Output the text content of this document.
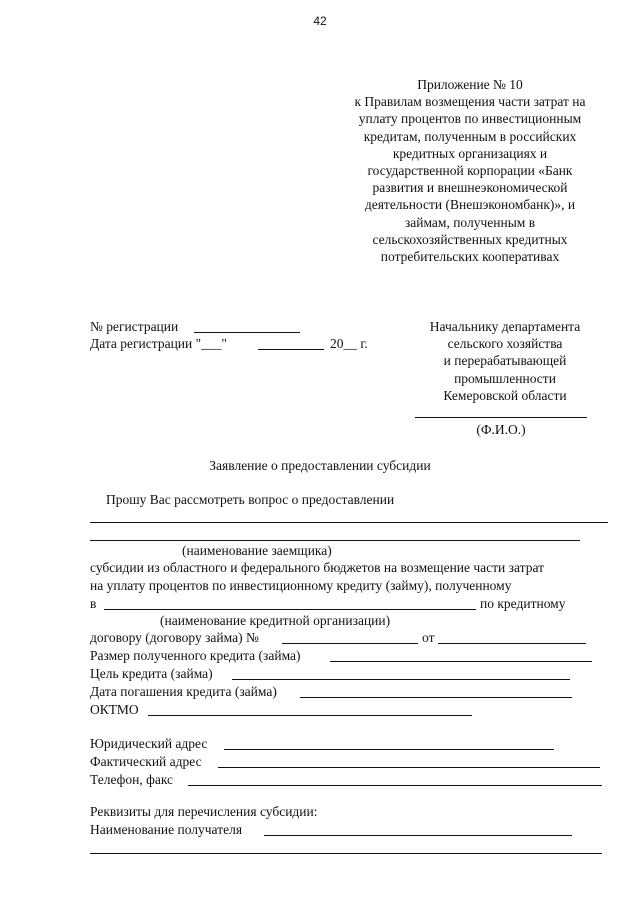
42
Приложение № 10
к Правилам возмещения части затрат на
уплату процентов по инвестиционным
кредитам, полученным в российских
кредитных организациях и
государственной корпорации «Банк
развития и внешнеэкономической
деятельности (Внешэкономбанк)», и
займам, полученным в
сельскохозяйственных кредитных
потребительских кооперативах
№ регистрации
Дата регистрации "___"	20__ г.
Начальнику департамента
сельского хозяйства
и перерабатывающей
промышленности
Кемеровской области
(Ф.И.О.)
Заявление о предоставлении субсидии
Прошу Вас рассмотреть вопрос о предоставлении
(наименование заемщика)
субсидии из областного и федерального бюджетов на возмещение части затрат
на уплату процентов по инвестиционному кредиту (займу), полученному
в	по кредитному
(наименование кредитной организации)
договору (договору займа) №	от
Размер полученного кредита (займа)
Цель кредита (займа)
Дата погашения кредита (займа)
ОКТМО
Юридический адрес
Фактический адрес
Телефон, факс
Реквизиты для перечисления субсидии:
Наименование получателя
